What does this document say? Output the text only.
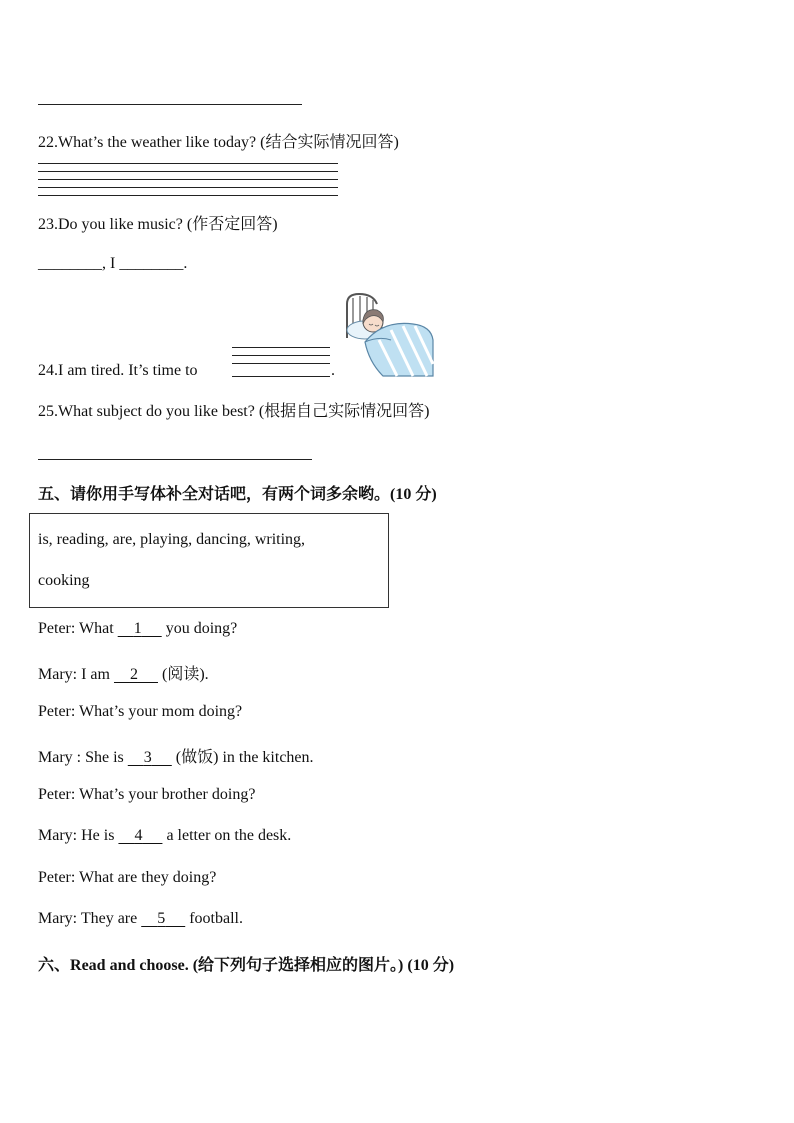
22.What’s the weather like today? (结合实际情况回答)
23.Do you like music? (作否定回答)
________, I ________.
24.I am tired. It’s time to	.
25.What subject do you like best? (根据自己实际情况回答)
五、请你用手写体补全对话吧，有两个词多余哟。(10 分)
is, reading, are, playing, dancing, writing,
cooking
Peter: What     1      you doing?
Mary: I am     2      (阅读).
Peter: What’s your mom doing?
Mary : She is     3      (做饭) in the kitchen.
Peter: What’s your brother doing?
Mary: He is     4      a letter on the desk.
Peter: What are they doing?
Mary: They are     5      football.
六、Read and choose. (给下列句子选择相应的图片。) (10 分)
